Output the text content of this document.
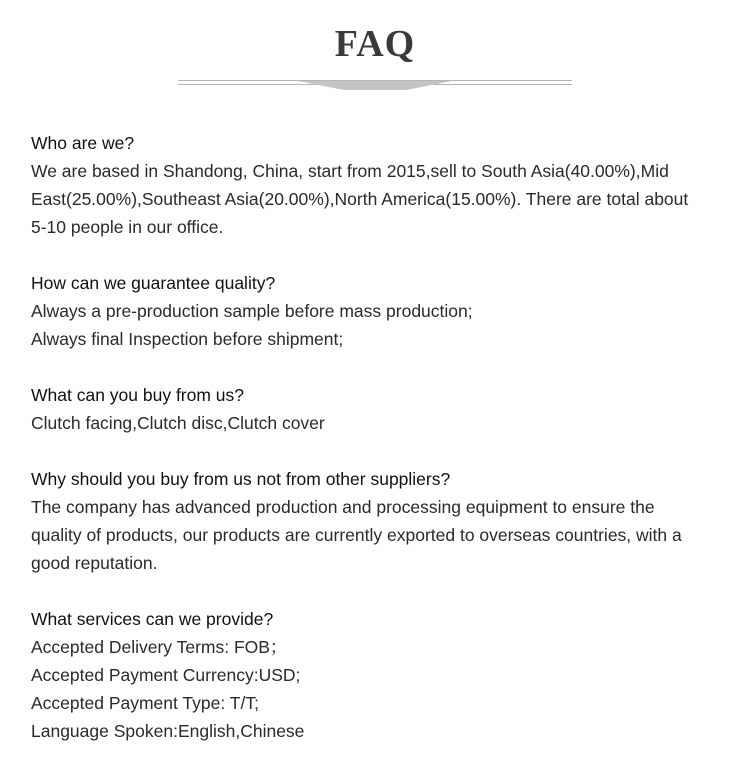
FAQ
Who are we?
We are based in Shandong, China, start from 2015,sell to South Asia(40.00%),Mid
East(25.00%),Southeast Asia(20.00%),North America(15.00%). There are total about
5-10 people in our office.
How can we guarantee quality?
Always a pre-production sample before mass production;
Always final Inspection before shipment;
What can you buy from us?
Clutch facing,Clutch disc,Clutch cover
Why should you buy from us not from other suppliers?
The company has advanced production and processing equipment to ensure the
quality of products, our products are currently exported to overseas countries, with a
good reputation.
What services can we provide?
Accepted Delivery Terms: FOB；
Accepted Payment Currency:USD;
Accepted Payment Type: T/T;
Language Spoken:English,Chinese
